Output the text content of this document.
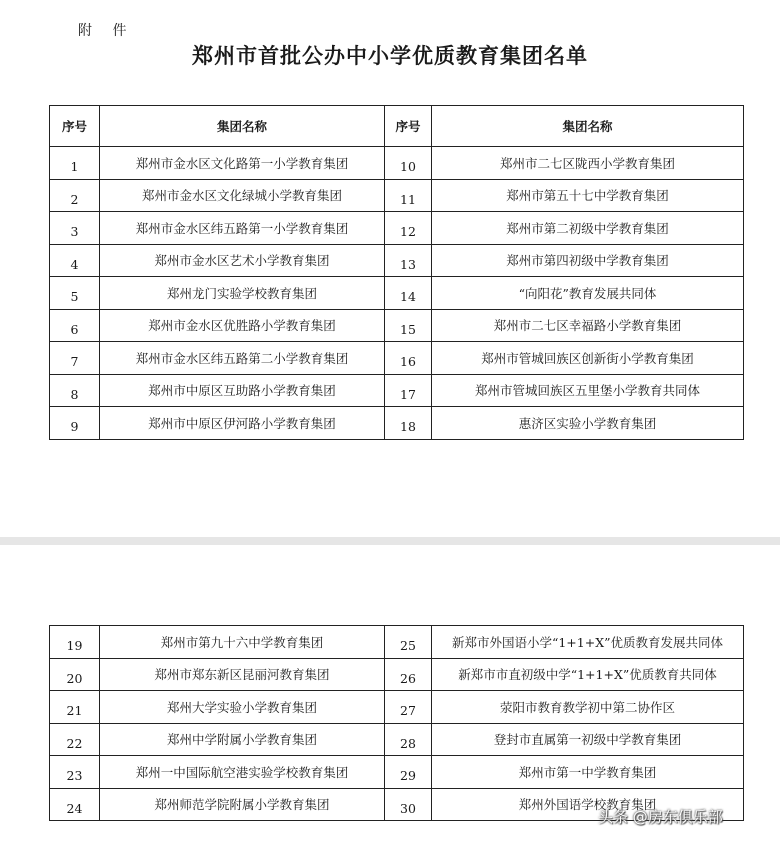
附 件
郑州市首批公办中小学优质教育集团名单
序号	集团名称	序号	集团名称
1	郑州市金水区文化路第一小学教育集团	10	郑州市二七区陇西小学教育集团
2	郑州市金水区文化绿城小学教育集团	11	郑州市第五十七中学教育集团
3	郑州市金水区纬五路第一小学教育集团	12	郑州市第二初级中学教育集团
4	郑州市金水区艺术小学教育集团	13	郑州市第四初级中学教育集团
5	郑州龙门实验学校教育集团	14	“向阳花”教育发展共同体
6	郑州市金水区优胜路小学教育集团	15	郑州市二七区幸福路小学教育集团
7	郑州市金水区纬五路第二小学教育集团	16	郑州市管城回族区创新街小学教育集团
8	郑州市中原区互助路小学教育集团	17	郑州市管城回族区五里堡小学教育共同体
9	郑州市中原区伊河路小学教育集团	18	惠济区实验小学教育集团
19	郑州市第九十六中学教育集团	25	新郑市外国语小学“1+1+X”优质教育发展共同体
20	郑州市郑东新区昆丽河教育集团	26	新郑市市直初级中学“1+1+X”优质教育共同体
21	郑州大学实验小学教育集团	27	荥阳市教育教学初中第二协作区
22	郑州中学附属小学教育集团	28	登封市直属第一初级中学教育集团
23	郑州一中国际航空港实验学校教育集团	29	郑州市第一中学教育集团
24	郑州师范学院附属小学教育集团	30	郑州外国语学校教育集团
头条 @房东俱乐部
